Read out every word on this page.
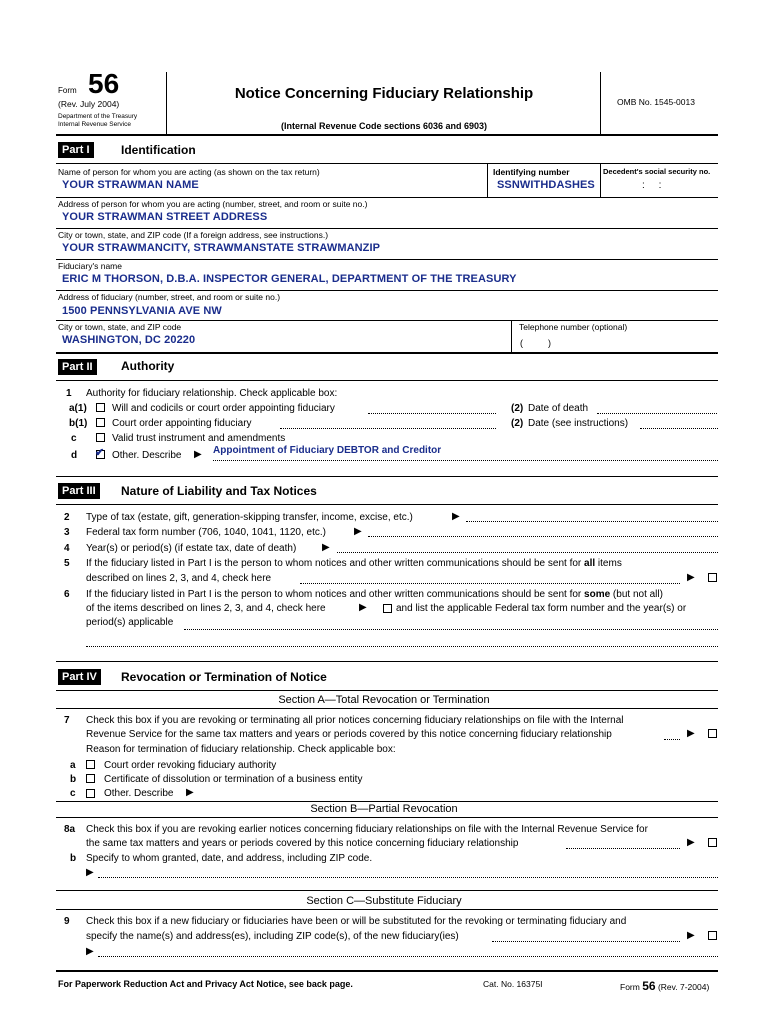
Form 56
(Rev. July 2004)
Department of the Treasury
Internal Revenue Service
Notice Concerning Fiduciary Relationship
(Internal Revenue Code sections 6036 and 6903)
OMB No. 1545-0013
Part I	Identification
Name of person for whom you are acting (as shown on the tax return)
YOUR STRAWMAN NAME
Identifying number
SSNWITHDASHES
Decedent's social security no.
:     :
Address of person for whom you are acting (number, street, and room or suite no.)
YOUR STRAWMAN STREET ADDRESS
City or town, state, and ZIP code (If a foreign address, see instructions.)
YOUR STRAWMANCITY, STRAWMANSTATE STRAWMANZIP
Fiduciary's name
ERIC M THORSON, D.B.A. INSPECTOR GENERAL, DEPARTMENT OF THE TREASURY
Address of fiduciary (number, street, and room or suite no.)
1500 PENNSYLVANIA AVE NW
City or town, state, and ZIP code
WASHINGTON, DC 20220
Telephone number (optional)
(          )
Part II	Authority
1 Authority for fiduciary relationship. Check applicable box:
a(1)	Will and codicils or court order appointing fiduciary	(2) Date of death
b(1) Court order appointing fiduciary	(2) Date (see instructions)
c	Valid trust instrument and amendments
d ✔ Other. Describe ▶ Appointment of Fiduciary DEBTOR and Creditor
Part III	Nature of Liability and Tax Notices
2 Type of tax (estate, gift, generation-skipping transfer, income, excise, etc.)	▶
3 Federal tax form number (706, 1040, 1041, 1120, etc.)	▶
4 Year(s) or period(s) (if estate tax, date of death)	▶
5 If the fiduciary listed in Part I is the person to whom notices and other written communications should be sent for all items
described on lines 2, 3, and 4, check here	▶
6 If the fiduciary listed in Part I is the person to whom notices and other written communications should be sent for some (but not all)
of the items described on lines 2, 3, and 4, check here	▶	and list the applicable Federal tax form number and the year(s) or
period(s) applicable
Part IV	Revocation or Termination of Notice
Section A—Total Revocation or Termination
7 Check this box if you are revoking or terminating all prior notices concerning fiduciary relationships on file with the Internal
Revenue Service for the same tax matters and years or periods covered by this notice concerning fiduciary relationship	▶
Reason for termination of fiduciary relationship. Check applicable box:
a	Court order revoking fiduciary authority
b	Certificate of dissolution or termination of a business entity
c	Other. Describe ▶
Section B—Partial Revocation
8a Check this box if you are revoking earlier notices concerning fiduciary relationships on file with the Internal Revenue Service for
the same tax matters and years or periods covered by this notice concerning fiduciary relationship	▶
b Specify to whom granted, date, and address, including ZIP code.
▶
Section C—Substitute Fiduciary
9 Check this box if a new fiduciary or fiduciaries have been or will be substituted for the revoking or terminating fiduciary and
specify the name(s) and address(es), including ZIP code(s), of the new fiduciary(ies)	▶
▶
For Paperwork Reduction Act and Privacy Act Notice, see back page.	Cat. No. 16375I	Form 56 (Rev. 7-2004)
